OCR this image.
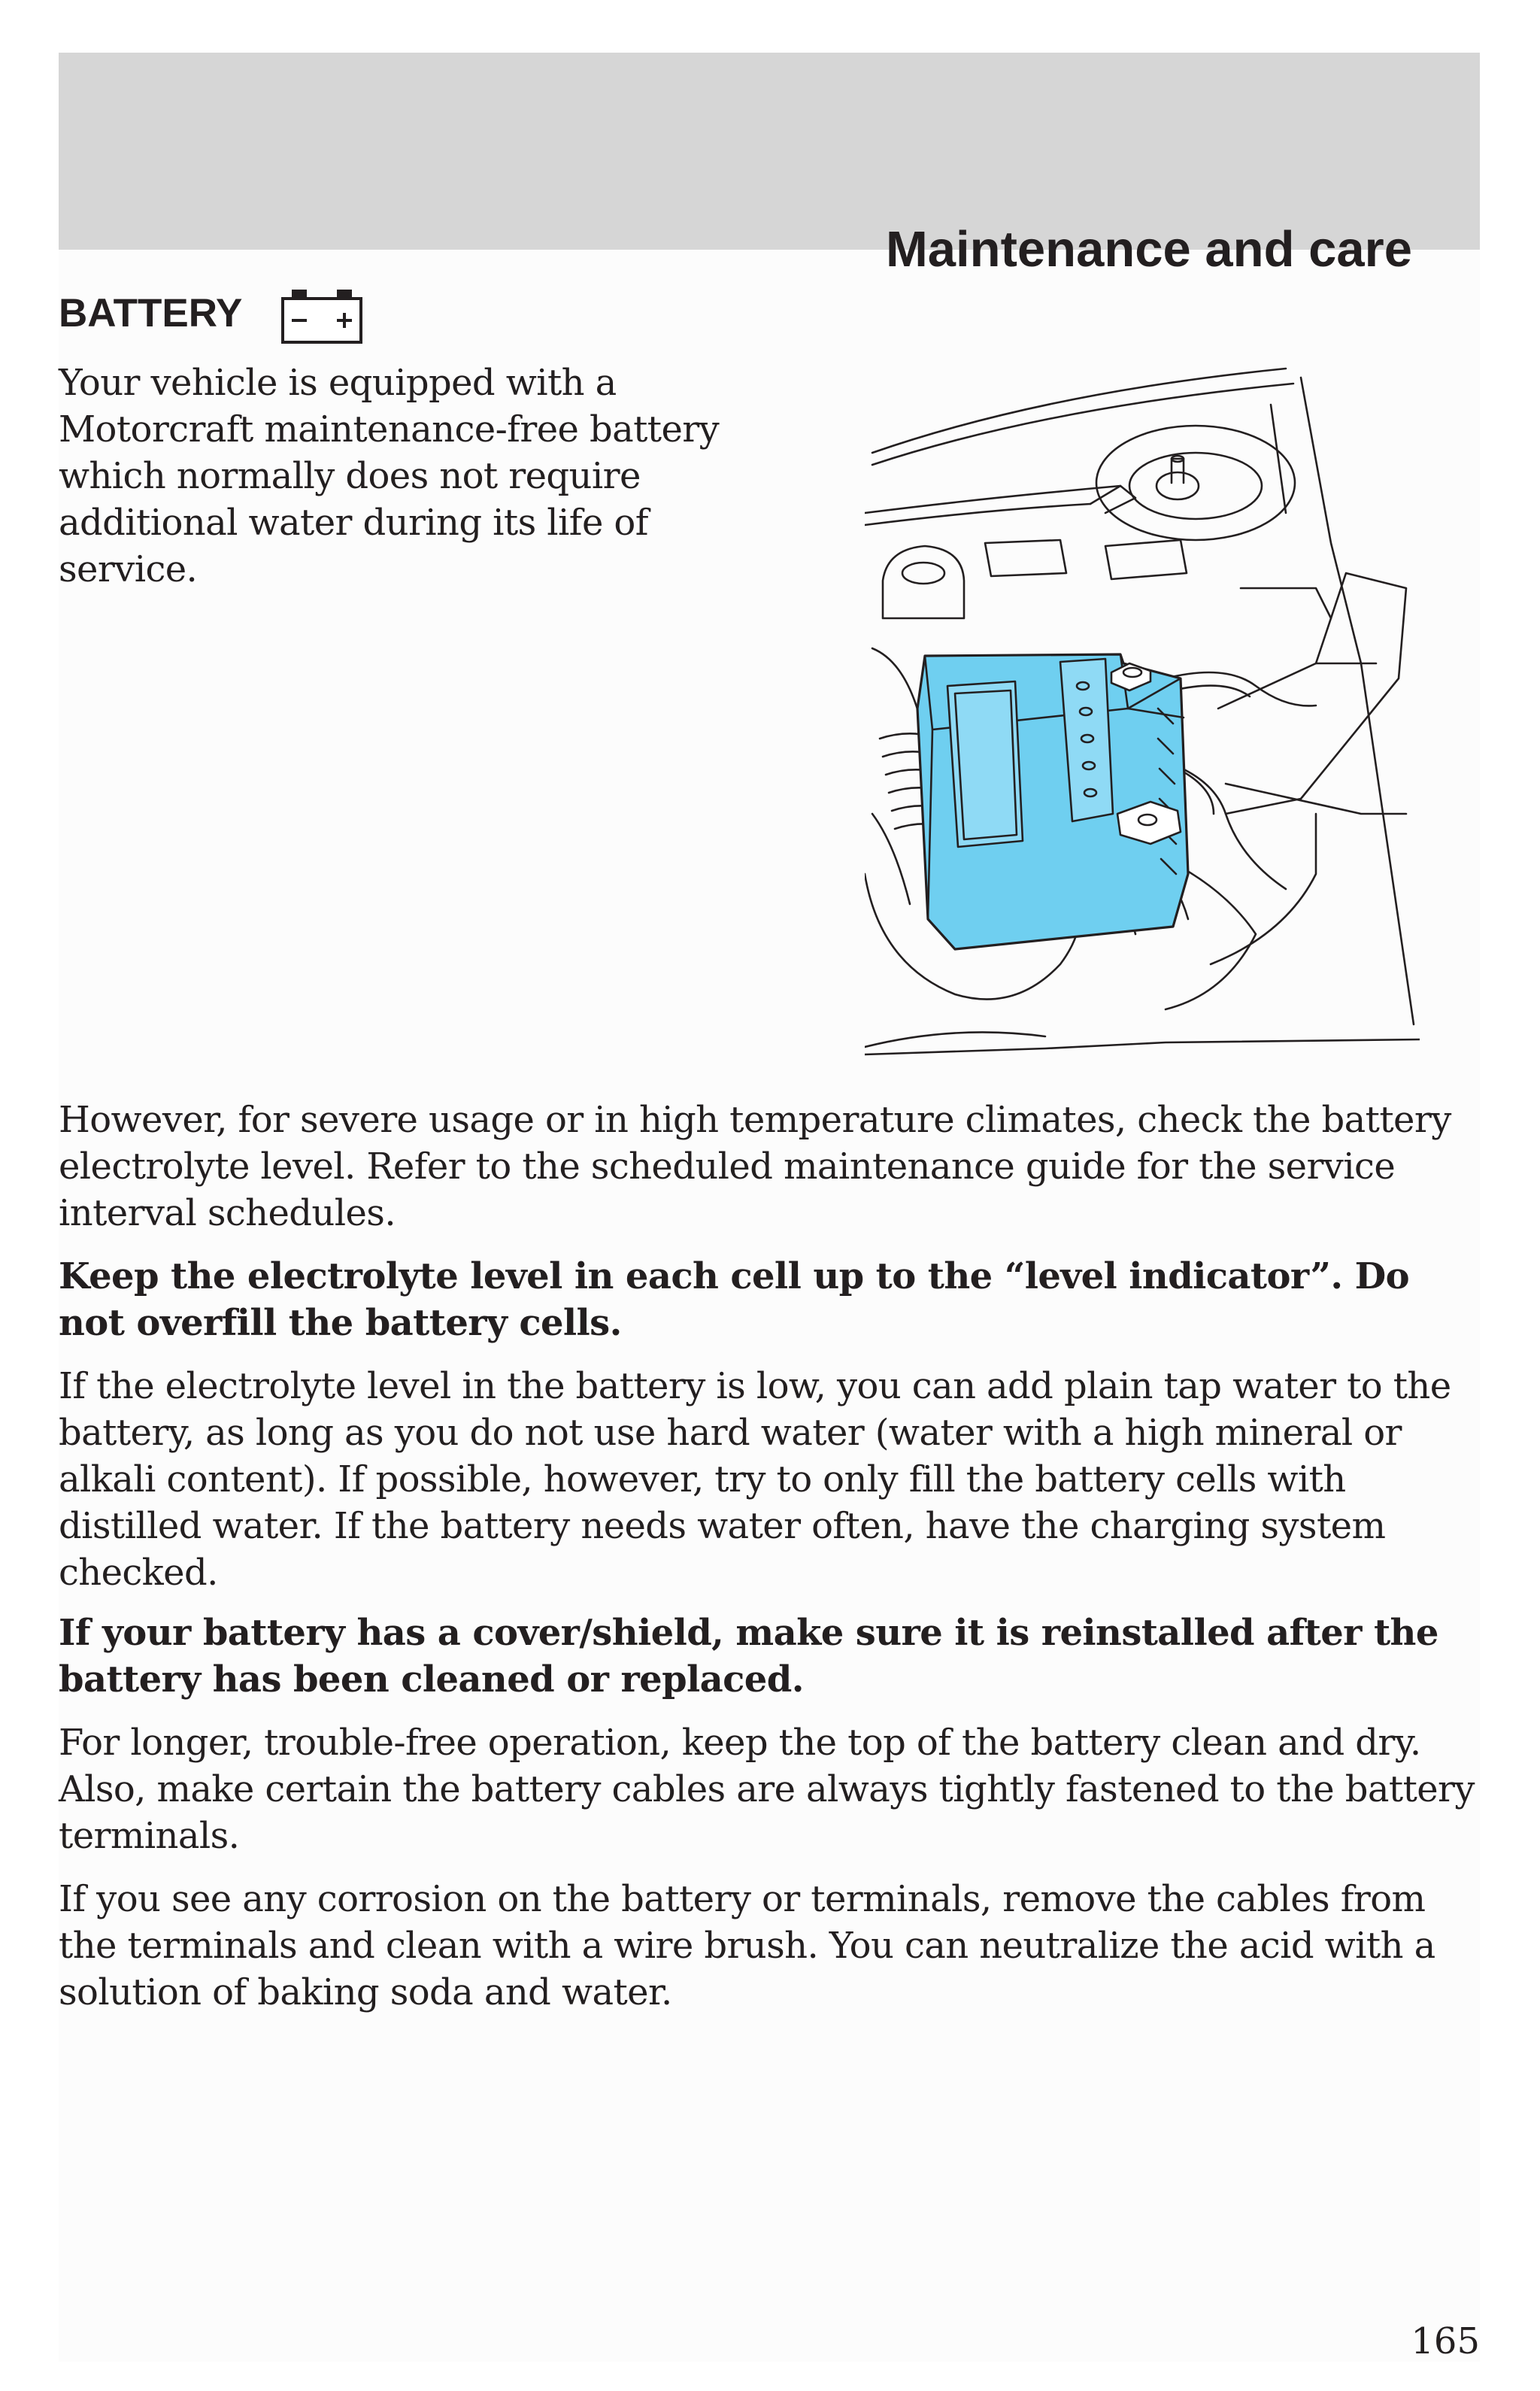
Maintenance and care
BATTERY

Your vehicle is equipped with a Motorcraft maintenance-free battery which normally does not require additional water during its life of service.

However, for severe usage or in high temperature climates, check the battery electrolyte level. Refer to the scheduled maintenance guide for the service interval schedules.

Keep the electrolyte level in each cell up to the “level indicator”. Do not overfill the battery cells.

If the electrolyte level in the battery is low, you can add plain tap water to the battery, as long as you do not use hard water (water with a high mineral or alkali content). If possible, however, try to only fill the battery cells with distilled water. If the battery needs water often, have the charging system checked.

If your battery has a cover/shield, make sure it is reinstalled after the battery has been cleaned or replaced.

For longer, trouble-free operation, keep the top of the battery clean and dry. Also, make certain the battery cables are always tightly fastened to the battery terminals.

If you see any corrosion on the battery or terminals, remove the cables from the terminals and clean with a wire brush. You can neutralize the acid with a solution of baking soda and water.

165
